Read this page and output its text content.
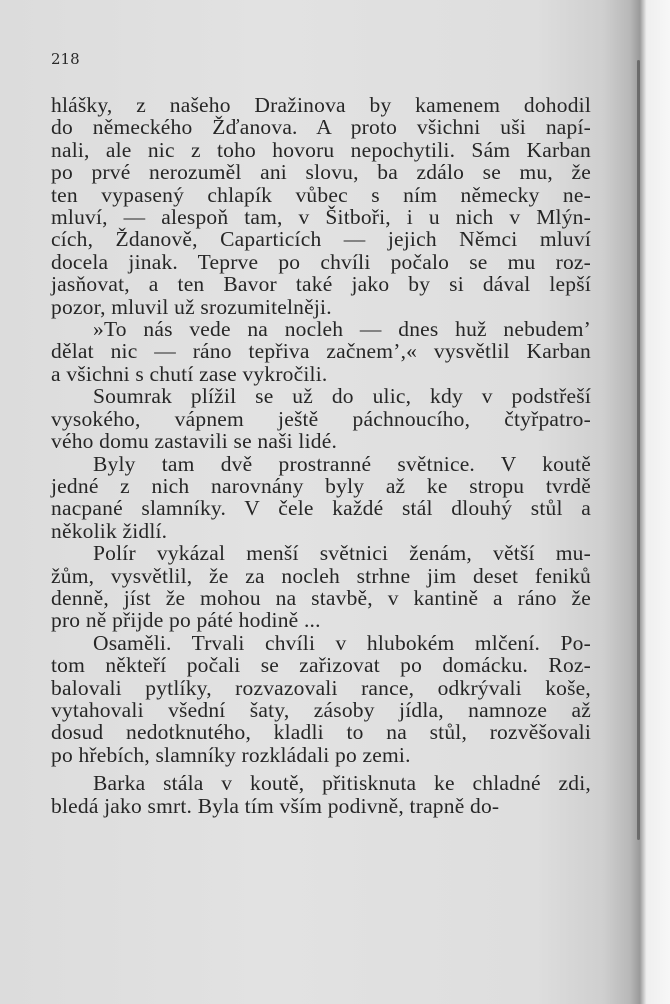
218
hlášky, z našeho Dražinova by kamenem dohodil
do německého Žďanova. A proto všichni uši napí-
nali, ale nic z toho hovoru nepochytili. Sám Karban
po prvé nerozuměl ani slovu, ba zdálo se mu, že
ten vypasený chlapík vůbec s ním německy ne-
mluví, — alespoň tam, v Šitboři, i u nich v Mlýn-
cích, Ždanově, Caparticích — jejich Němci mluví
docela jinak. Teprve po chvíli počalo se mu roz-
jasňovat, a ten Bavor také jako by si dával lepší
pozor, mluvil už srozumitelněji.
»To nás vede na nocleh — dnes huž nebudem’
dělat nic — ráno tepřiva začnem’,« vysvětlil Karban
a všichni s chutí zase vykročili.
Soumrak plížil se už do ulic, kdy v podstřeší
vysokého, vápnem ještě páchnoucího, čtyřpatro-
vého domu zastavili se naši lidé.
Byly tam dvě prostranné světnice. V koutě
jedné z nich narovnány byly až ke stropu tvrdě
nacpané slamníky. V čele každé stál dlouhý stůl a
několik židlí.
Polír vykázal menší světnici ženám, větší mu-
žům, vysvětlil, že za nocleh strhne jim deset feniků
denně, jíst že mohou na stavbě, v kantině a ráno že
pro ně přijde po páté hodině ...
Osaměli. Trvali chvíli v hlubokém mlčení. Po-
tom někteří počali se zařizovat po domácku. Roz-
balovali pytlíky, rozvazovali rance, odkrývali koše,
vytahovali všední šaty, zásoby jídla, namnoze až
dosud nedotknutého, kladli to na stůl, rozvěšovali
po hřebích, slamníky rozkládali po zemi.
Barka stála v koutě, přitisknuta ke chladné zdi,
bledá jako smrt. Byla tím vším podivně, trapně do-
